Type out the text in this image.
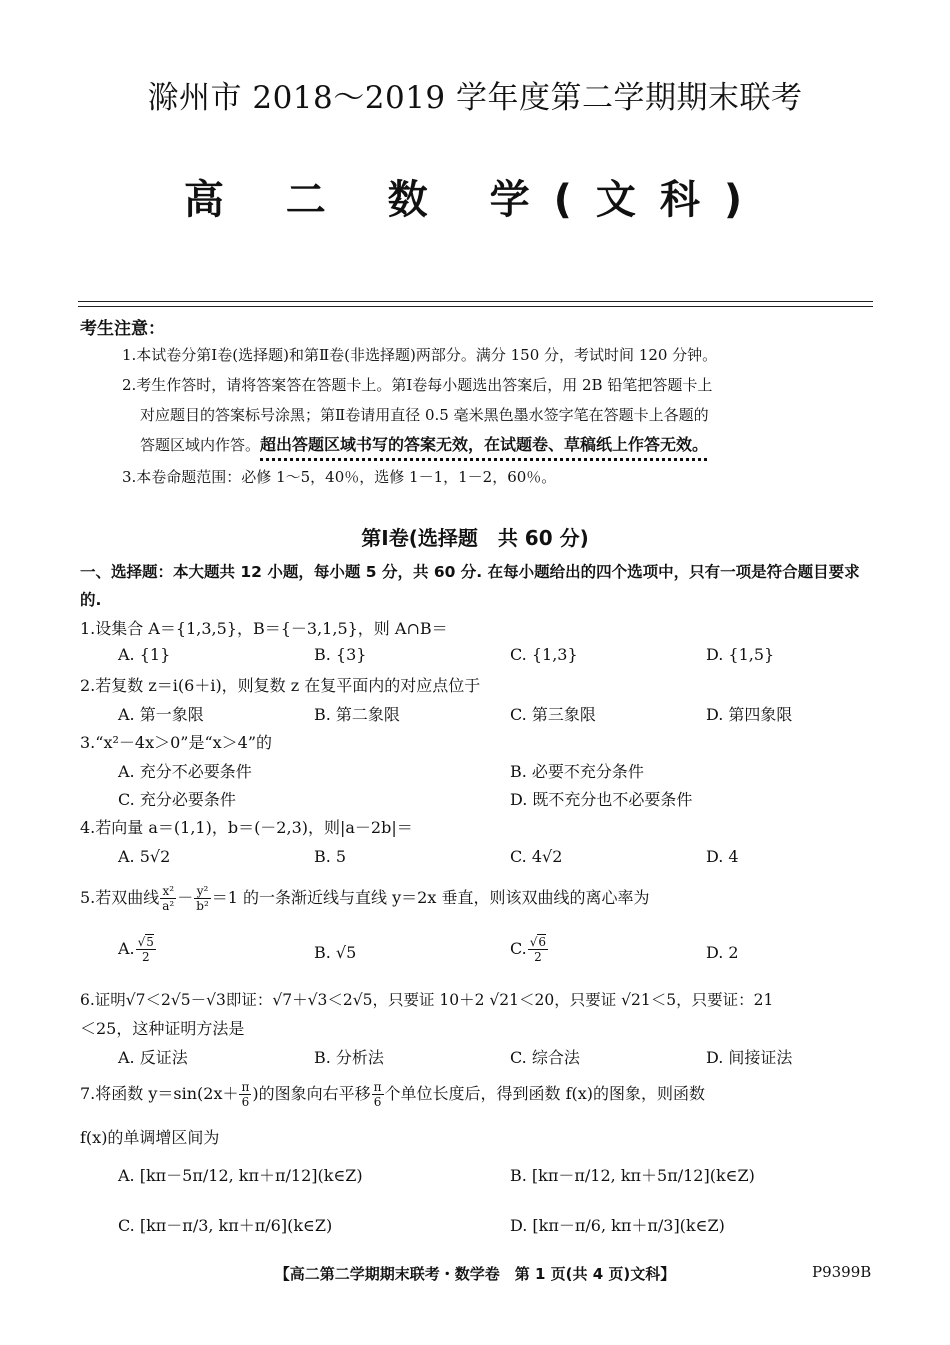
滁州市 2018～2019 学年度第二学期期末联考
高 二 数 学(文科)
考生注意：
1.本试卷分第Ⅰ卷(选择题)和第Ⅱ卷(非选择题)两部分。满分 150 分，考试时间 120 分钟。
2.考生作答时，请将答案答在答题卡上。第Ⅰ卷每小题选出答案后，用 2B 铅笔把答题卡上
对应题目的答案标号涂黑；第Ⅱ卷请用直径 0.5 毫米黑色墨水签字笔在答题卡上各题的
答题区域内作答。超出答题区域书写的答案无效，在试题卷、草稿纸上作答无效。
3.本卷命题范围：必修 1～5，40％，选修 1－1，1－2，60％。
第Ⅰ卷(选择题　共 60 分)
一、选择题：本大题共 12 小题，每小题 5 分，共 60 分. 在每小题给出的四个选项中，只有一项是符合题目要求的.
1.设集合 A＝{1,3,5}，B＝{－3,1,5}，则 A∩B＝
A. {1}	B. {3}	C. {1,3}	D. {1,5}
2.若复数 z＝i(6＋i)，则复数 z 在复平面内的对应点位于
A. 第一象限	B. 第二象限	C. 第三象限	D. 第四象限
3.“x²－4x＞0”是“x＞4”的
A. 充分不必要条件	B. 必要不充分条件
C. 充分必要条件	D. 既不充分也不必要条件
4.若向量 a＝(1,1)，b＝(－2,3)，则|a－2b|＝
A. 5√2	B. 5	C. 4√2	D. 4
5.若双曲线 $\frac{\text{x²}}{\text{a²}} - \frac{\text{y²}}{\text{b²}} =1$ 的一条渐近线与直线 y＝2x 垂直，则该双曲线的离心率为
A. $\frac{√5}{2}$	B. √5	C. $\frac{√6}{2}$	D. 2
6.证明√7＜2√5－√3即证：√7＋√3＜2√5，只要证 10＋2 √21＜20，只要证 √21＜5，只要证：21
＜25，这种证明方法是
A. 反证法	B. 分析法	C. 综合法	D. 间接证法
7.将函数 $y=\sin(2x+ \frac{\pi}{6}$ )的图象向右平移 $\frac{\pi}{6}$ 个单位长度后，得到函数 f(x)的图象，则函数
f(x)的单调增区间为
A. [kπ－5π/12, kπ＋π/12](k∈Z)	B. [kπ－π/12, kπ＋5π/12](k∈Z)
C. [kπ－π/3, kπ＋π/6](k∈Z)	D. [kπ－π/6, kπ＋π/3](k∈Z)
【高二第二学期期末联考・数学卷　第 1 页(共 4 页)文科】	P9399B
